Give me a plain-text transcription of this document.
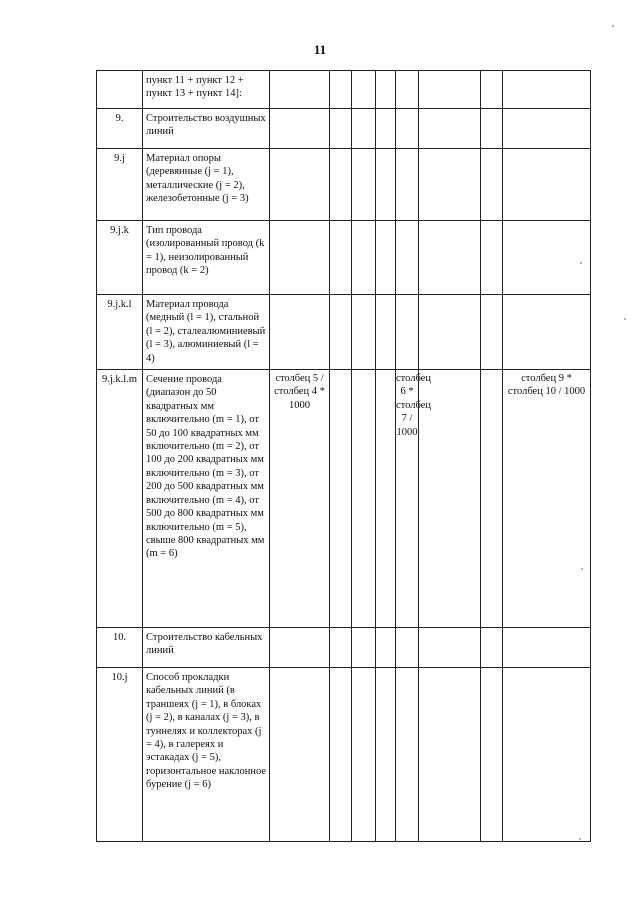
11
	пункт 11 + пункт 12 + пункт 13 + пункт 14]:								
9.	Строительство воздушных линий								
9.j	Материал опоры (деревянные (j = 1), металлические (j = 2), железобетонные (j = 3)								
9.j.k	Тип провода (изолированный провод (k = 1), неизолированный провод (k = 2)								
9.j.k.l	Материал провода (медный (l = 1), стальной (l = 2), сталеалюминиевый (l = 3), алюминиевый (l = 4)								
9.j.k.l.m	Сечение провода (диапазон до 50 квадратных мм включительно (m = 1), от 50 до 100 квадратных мм включительно (m = 2), от 100 до 200 квадратных мм включительно (m = 3), от 200 до 500 квадратных мм включительно (m = 4), от 500 до 800 квадратных мм включительно (m = 5), свыше 800 квадратных мм (m = 6)	столбец 5 / столбец 4 * 1000				столбец 6 * столбец 7 / 1000			столбец 9 * столбец 10 / 1000
10.	Строительство кабельных линий								
10.j	Способ прокладки кабельных линий (в траншеях (j = 1), в блоках (j = 2), в каналах (j = 3), в туннелях и коллекторах (j = 4), в галереях и эстакадах (j = 5), горизонтальное наклонное бурение (j = 6)								
